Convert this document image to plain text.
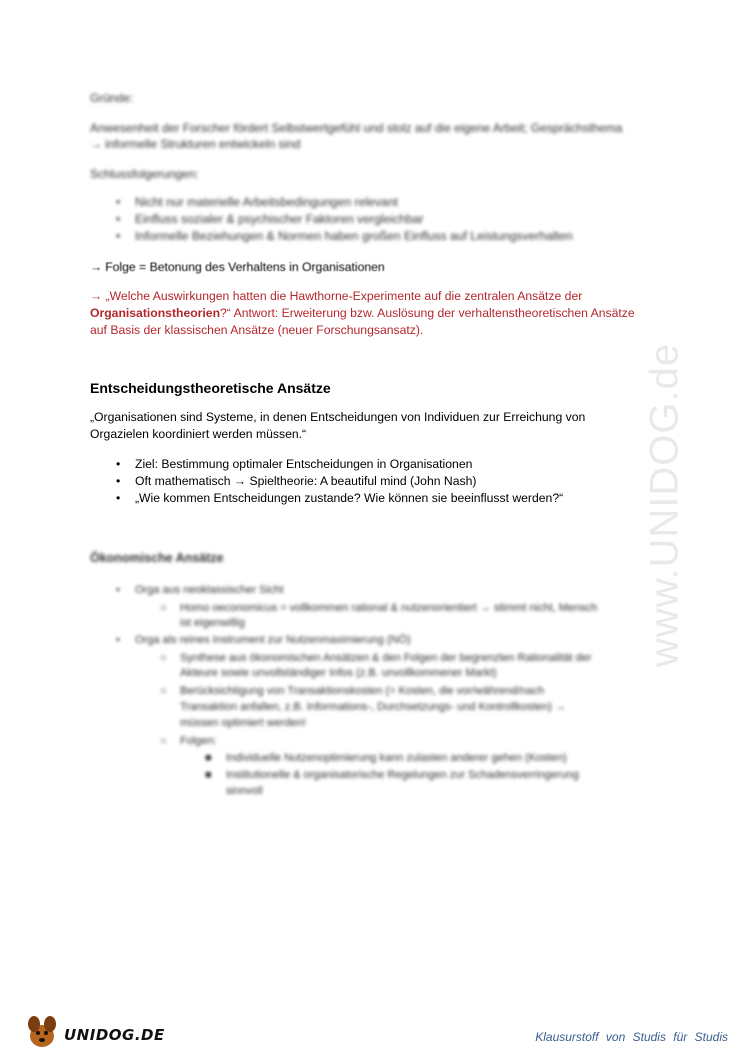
www.UNIDOG.de
Gründe:
Anwesenheit der Forscher fördert Selbstwertgefühl und stolz auf die eigene Arbeit; Gesprächsthema
→ informelle Strukturen entwickeln sind
Schlussfolgerungen:
• Nicht nur materielle Arbeitsbedingungen relevant
• Einfluss sozialer & psychischer Faktoren vergleichbar
• Informelle Beziehungen & Normen haben großen Einfluss auf Leistungsverhalten
→ Folge = Betonung des Verhaltens in Organisationen
→ „Welche Auswirkungen hatten die Hawthorne-Experimente auf die zentralen Ansätze der
Organisationstheorien?“ Antwort: Erweiterung bzw. Auslösung der verhaltenstheoretischen Ansätze
auf Basis der klassischen Ansätze (neuer Forschungsansatz).
Entscheidungstheoretische Ansätze
„Organisationen sind Systeme, in denen Entscheidungen von Individuen zur Erreichung von
Orgazielen koordiniert werden müssen.“
• Ziel: Bestimmung optimaler Entscheidungen in Organisationen
• Oft mathematisch → Spieltheorie: A beautiful mind (John Nash)
• „Wie kommen Entscheidungen zustande? Wie können sie beeinflusst werden?“
Ökonomische Ansätze
• Orga aus neoklassischer Sicht
○ Homo oeconomicus = vollkommen rational & nutzenorientiert → stimmt nicht, Mensch
ist eigenwillig
• Orga als reines Instrument zur Nutzenmaximierung (NÖ)
○ Synthese aus ökonomischen Ansätzen & den Folgen der begrenzten Rationalität der
Akteure sowie unvollständiger Infos (z.B. unvollkommener Markt)
○ Berücksichtigung von Transaktionskosten (= Kosten, die vor/während/nach
Transaktion anfallen, z.B. Informations-, Durchsetzungs- und Kontrollkosten) →
müssen optimiert werden!
○ Folgen:
■ Individuelle Nutzenoptimierung kann zulasten anderer gehen (Kosten)
■ Institutionelle & organisatorische Regelungen zur Schadensverringerung
sinnvoll
UNIDOG.DE	Klausurstoff von Studis für Studis
